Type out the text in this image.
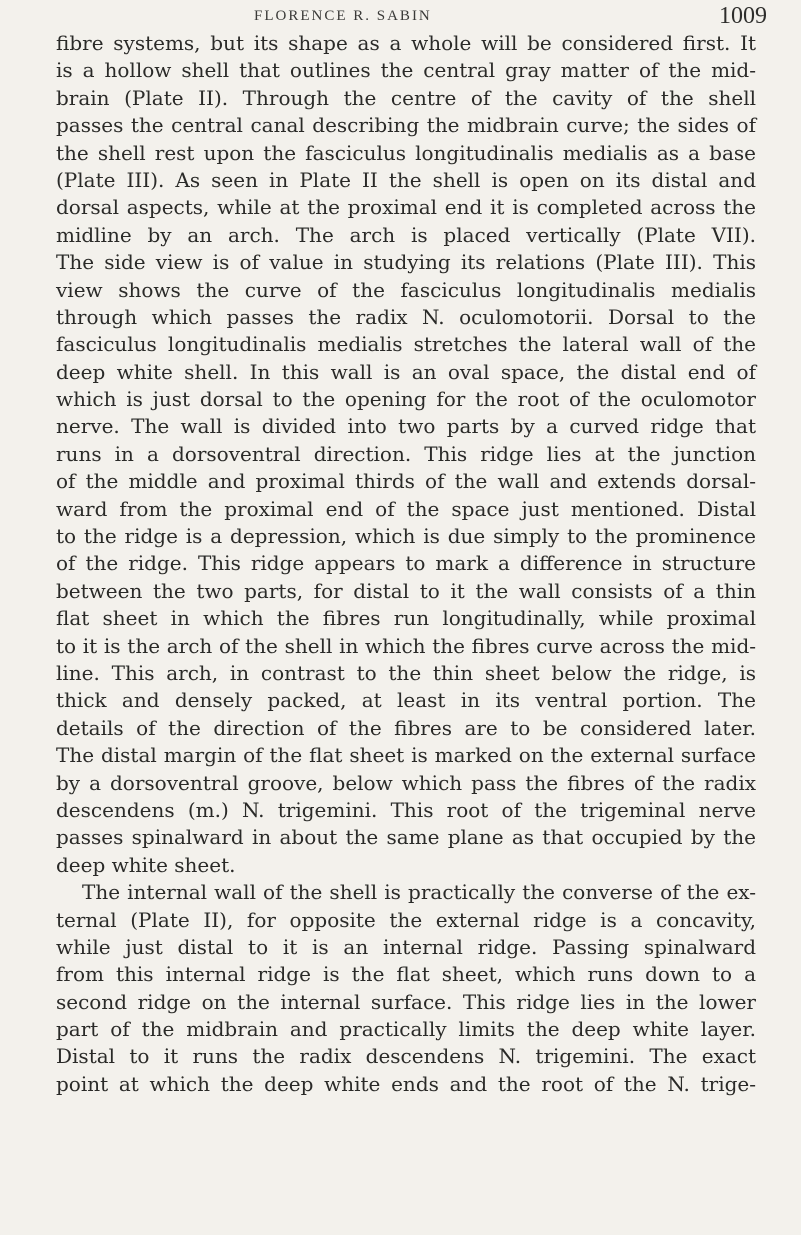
FLORENCE R. SABIN	1009
fibre systems, but its shape as a whole will be considered first. It
is a hollow shell that outlines the central gray matter of the mid-
brain (Plate II). Through the centre of the cavity of the shell
passes the central canal describing the midbrain curve; the sides of
the shell rest upon the fasciculus longitudinalis medialis as a base
(Plate III). As seen in Plate II the shell is open on its distal and
dorsal aspects, while at the proximal end it is completed across the
midline by an arch. The arch is placed vertically (Plate VII).
The side view is of value in studying its relations (Plate III). This
view shows the curve of the fasciculus longitudinalis medialis
through which passes the radix N. oculomotorii. Dorsal to the
fasciculus longitudinalis medialis stretches the lateral wall of the
deep white shell. In this wall is an oval space, the distal end of
which is just dorsal to the opening for the root of the oculomotor
nerve. The wall is divided into two parts by a curved ridge that
runs in a dorsoventral direction. This ridge lies at the junction
of the middle and proximal thirds of the wall and extends dorsal-
ward from the proximal end of the space just mentioned. Distal
to the ridge is a depression, which is due simply to the prominence
of the ridge. This ridge appears to mark a difference in structure
between the two parts, for distal to it the wall consists of a thin
flat sheet in which the fibres run longitudinally, while proximal
to it is the arch of the shell in which the fibres curve across the mid-
line. This arch, in contrast to the thin sheet below the ridge, is
thick and densely packed, at least in its ventral portion. The
details of the direction of the fibres are to be considered later.
The distal margin of the flat sheet is marked on the external surface
by a dorsoventral groove, below which pass the fibres of the radix
descendens (m.) N. trigemini. This root of the trigeminal nerve
passes spinalward in about the same plane as that occupied by the
deep white sheet.
The internal wall of the shell is practically the converse of the ex-
ternal (Plate II), for opposite the external ridge is a concavity,
while just distal to it is an internal ridge. Passing spinalward
from this internal ridge is the flat sheet, which runs down to a
second ridge on the internal surface. This ridge lies in the lower
part of the midbrain and practically limits the deep white layer.
Distal to it runs the radix descendens N. trigemini. The exact
point at which the deep white ends and the root of the N. trige-
